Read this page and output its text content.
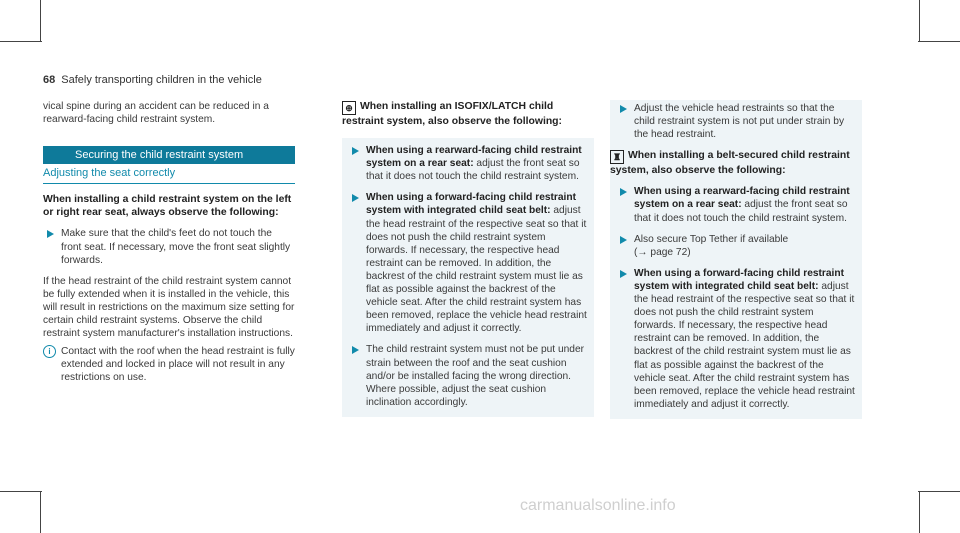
68 Safely transporting children in the vehicle

vical spine during an accident can be reduced in a rearward-facing child restraint system.

Securing the child restraint system
Adjusting the seat correctly
When installing a child restraint system on the left or right rear seat, always observe the following:
Make sure that the child's feet do not touch the front seat. If necessary, move the front seat slightly forwards.

If the head restraint of the child restraint system cannot be fully extended when it is installed in the vehicle, this will result in restrictions on the maximum size setting for certain child restraint systems. Observe the child restraint system manufacturer's installation instructions.

i	Contact with the roof when the head restraint is fully extended and locked in place will not result in any restrictions on use.
⊕ When installing an ISOFIX/LATCH child restraint system, also observe the following:
When using a rearward-facing child restraint system on a rear seat: adjust the front seat so that it does not touch the child restraint system.
When using a forward-facing child restraint system with integrated child seat belt: adjust the head restraint of the respective seat so that it does not push the child restraint system forwards. If necessary, the respective head restraint can be removed. In addition, the backrest of the child restraint system must lie as flat as possible against the backrest of the vehicle seat. After the child restraint system has been removed, replace the vehicle head restraint immediately and adjust it correctly.
The child restraint system must not be put under strain between the roof and the seat cushion and/or be installed facing the wrong direction. Where possible, adjust the seat cushion inclination accordingly.
Adjust the vehicle head restraints so that the child restraint system is not put under strain by the head restraint.
♜ When installing a belt-secured child restraint system, also observe the following:
When using a rearward-facing child restraint system on a rear seat: adjust the front seat so that it does not touch the child restraint system.
Also secure Top Tether if available
(→ page 72)
When using a forward-facing child restraint system with integrated child seat belt: adjust the head restraint of the respective seat so that it does not push the child restraint system forwards. If necessary, the respective head restraint can be removed. In addition, the backrest of the child restraint system must lie as flat as possible against the backrest of the vehicle seat. After the child restraint system has been removed, replace the vehicle head restraint immediately and adjust it correctly.
carmanualsonline.info
